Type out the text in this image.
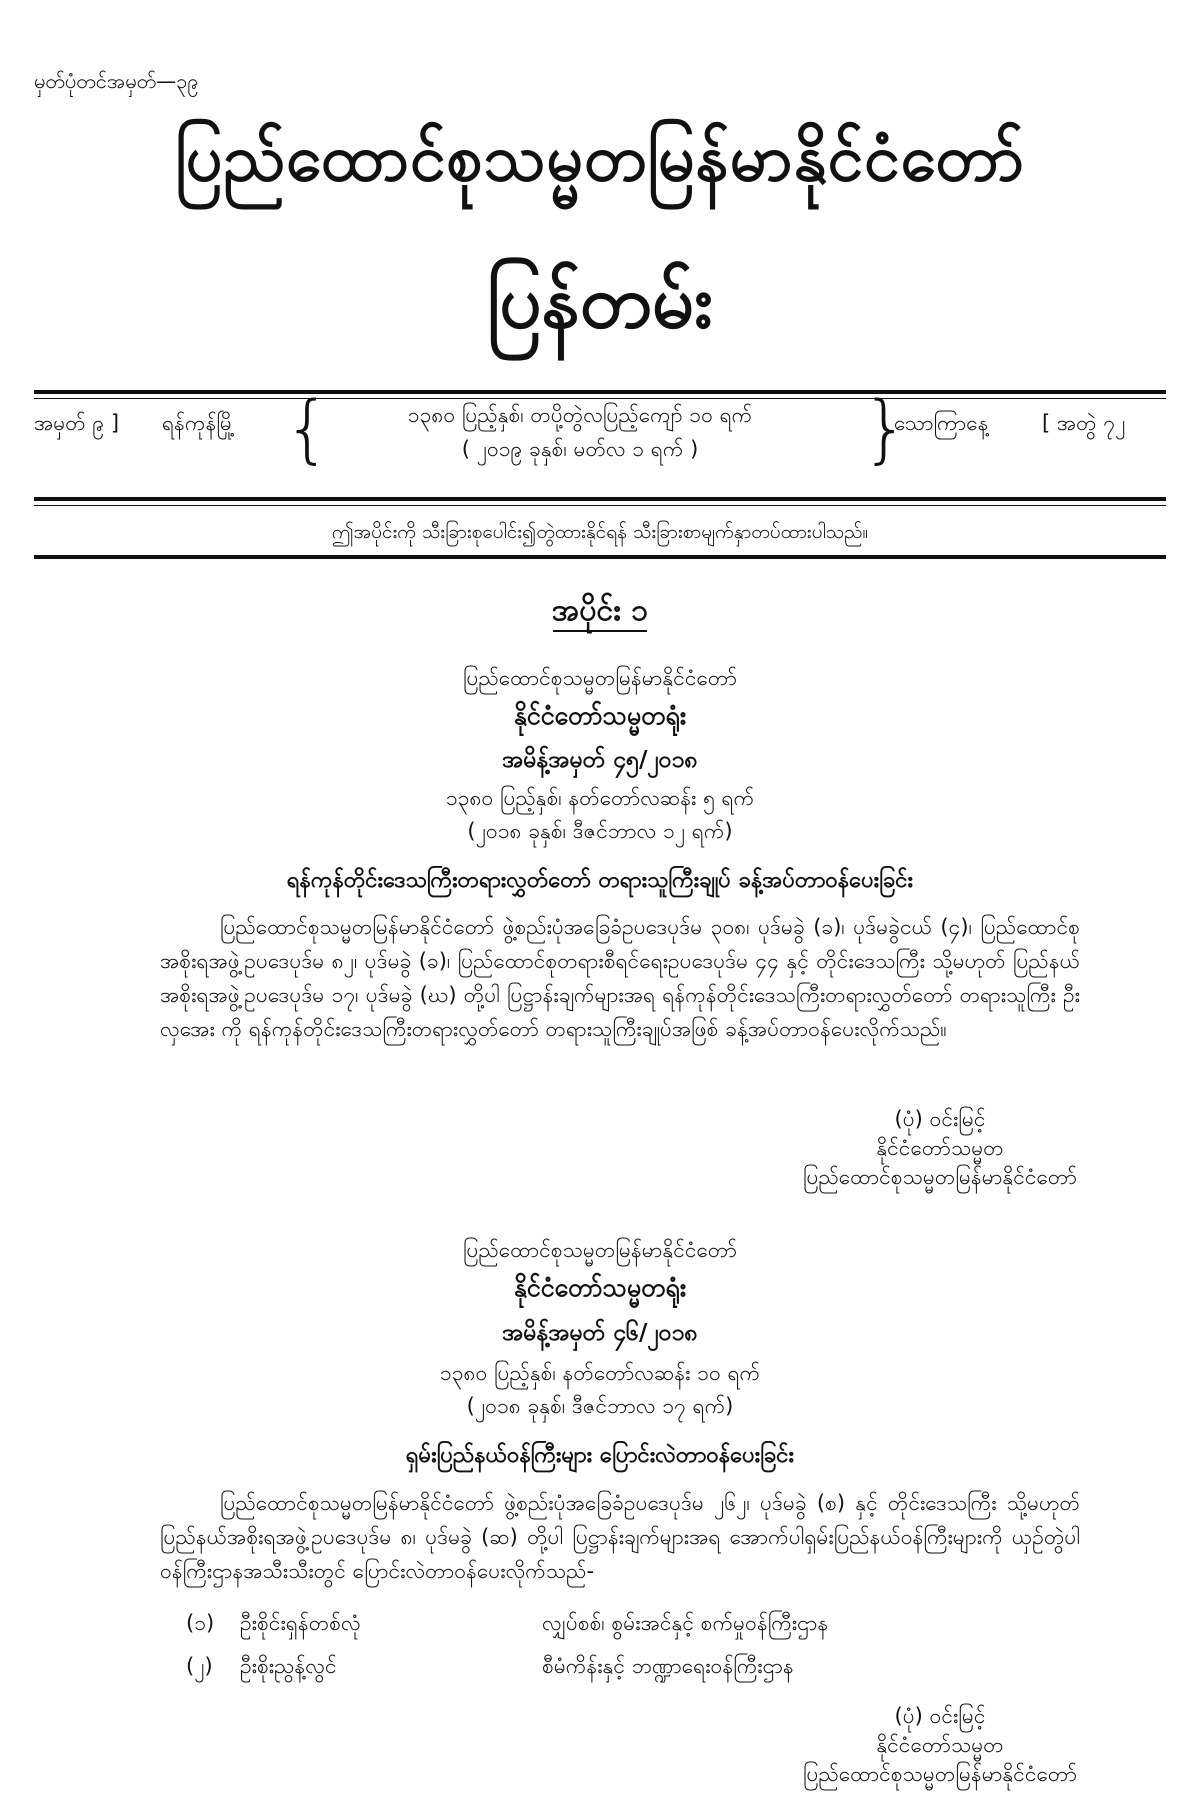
မှတ်ပုံတင်အမှတ်—၃၉
ပြည်ထောင်စုသမ္မတမြန်မာနိုင်ငံတော်
ပြန်တမ်း
အမှတ် ၉ ] ရန်ကုန်မြို့ {	၁၃၈၀ ပြည့်နှစ်၊ တပို့တွဲလပြည့်ကျော် ၁၀ ရက်
( ၂၀၁၉ ခုနှစ်၊ မတ်လ ၁ ရက် )	}
သောကြာနေ့	[ အတွဲ ၇၂
ဤအပိုင်းကို သီးခြားစုပေါင်း၍တွဲထားနိုင်ရန် သီးခြားစာမျက်နှာတပ်ထားပါသည်။
အပိုင်း ၁
ပြည်ထောင်စုသမ္မတမြန်မာနိုင်ငံတော်
နိုင်ငံတော်သမ္မတရုံး
အမိန့်အမှတ် ၄၅/၂၀၁၈
၁၃၈၀ ပြည့်နှစ်၊ နတ်တော်လဆန်း ၅ ရက်
(၂၀၁၈ ခုနှစ်၊ ဒီဇင်ဘာလ ၁၂ ရက်)
ရန်ကုန်တိုင်းဒေသကြီးတရားလွှတ်တော် တရားသူကြီးချုပ် ခန့်အပ်တာဝန်ပေးခြင်း

ပြည်ထောင်စုသမ္မတမြန်မာနိုင်ငံတော် ဖွဲ့စည်းပုံအခြေခံဥပဒေပုဒ်မ ၃၀၈၊ ပုဒ်မခွဲ (ခ)၊ ပုဒ်မခွဲငယ် (၄)၊ ပြည်ထောင်စုအစိုးရအဖွဲ့ဥပဒေပုဒ်မ ၈၂၊ ပုဒ်မခွဲ (ခ)၊ ပြည်ထောင်စုတရားစီရင်ရေးဥပဒေပုဒ်မ ၄၄ နှင့် တိုင်းဒေသကြီး သို့မဟုတ် ပြည်နယ်အစိုးရအဖွဲ့ဥပဒေပုဒ်မ ၁၇၊ ပုဒ်မခွဲ (ဃ) တို့ပါ ပြဋ္ဌာန်းချက်များအရ ရန်ကုန်တိုင်းဒေသကြီးတရားလွှတ်တော် တရားသူကြီး ဦးလှအေး ကို ရန်ကုန်တိုင်းဒေသကြီးတရားလွှတ်တော် တရားသူကြီးချုပ်အဖြစ် ခန့်အပ်တာဝန်ပေးလိုက်သည်။

(ပုံ) ဝင်းမြင့်
နိုင်ငံတော်သမ္မတ
ပြည်ထောင်စုသမ္မတမြန်မာနိုင်ငံတော်
ပြည်ထောင်စုသမ္မတမြန်မာနိုင်ငံတော်
နိုင်ငံတော်သမ္မတရုံး
အမိန့်အမှတ် ၄၆/၂၀၁၈
၁၃၈၀ ပြည့်နှစ်၊ နတ်တော်လဆန်း ၁၀ ရက်
(၂၀၁၈ ခုနှစ်၊ ဒီဇင်ဘာလ ၁၇ ရက်)
ရှမ်းပြည်နယ်ဝန်ကြီးများ ပြောင်းလဲတာဝန်ပေးခြင်း

ပြည်ထောင်စုသမ္မတမြန်မာနိုင်ငံတော် ဖွဲ့စည်းပုံအခြေခံဥပဒေပုဒ်မ ၂၆၂၊ ပုဒ်မခွဲ (စ) နှင့် တိုင်းဒေသကြီး သို့မဟုတ် ပြည်နယ်အစိုးရအဖွဲ့ဥပဒေပုဒ်မ ၈၊ ပုဒ်မခွဲ (ဆ) တို့ပါ ပြဋ္ဌာန်းချက်များအရ အောက်ပါရှမ်းပြည်နယ်ဝန်ကြီးများကို ယှဉ်တွဲပါဝန်ကြီးဌာနအသီးသီးတွင် ပြောင်းလဲတာဝန်ပေးလိုက်သည်-

(၁) ဦးစိုင်းရှန်တစ်လုံ	လျှပ်စစ်၊ စွမ်းအင်နှင့် စက်မှုဝန်ကြီးဌာန
(၂) ဦးစိုးညွန့်လွင်	စီမံကိန်းနှင့် ဘဏ္ဍာရေးဝန်ကြီးဌာန
(ပုံ) ဝင်းမြင့်
နိုင်ငံတော်သမ္မတ
ပြည်ထောင်စုသမ္မတမြန်မာနိုင်ငံတော်
